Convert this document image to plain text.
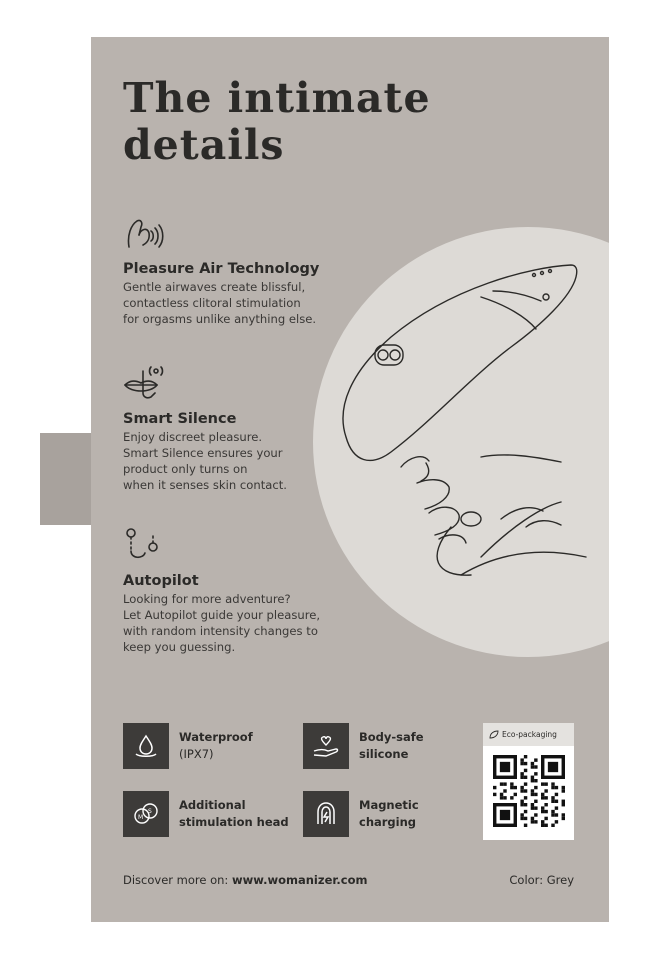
The intimate
details
Pleasure Air Technology

Gentle airwaves create blissful,
contactless clitoral stimulation
for orgasms unlike anything else.

Smart Silence

Enjoy discreet pleasure.
Smart Silence ensures your
product only turns on
when it senses skin contact.

Autopilot

Looking for more adventure?
Let Autopilot guide your pleasure,
with random intensity changes to
keep you guessing.

Waterproof
(IPX7)
Body-safe
silicone
M
S Additional
stimulation head
Magnetic
charging
Eco-packaging
Discover more on: www.womanizer.com	Color: Grey
